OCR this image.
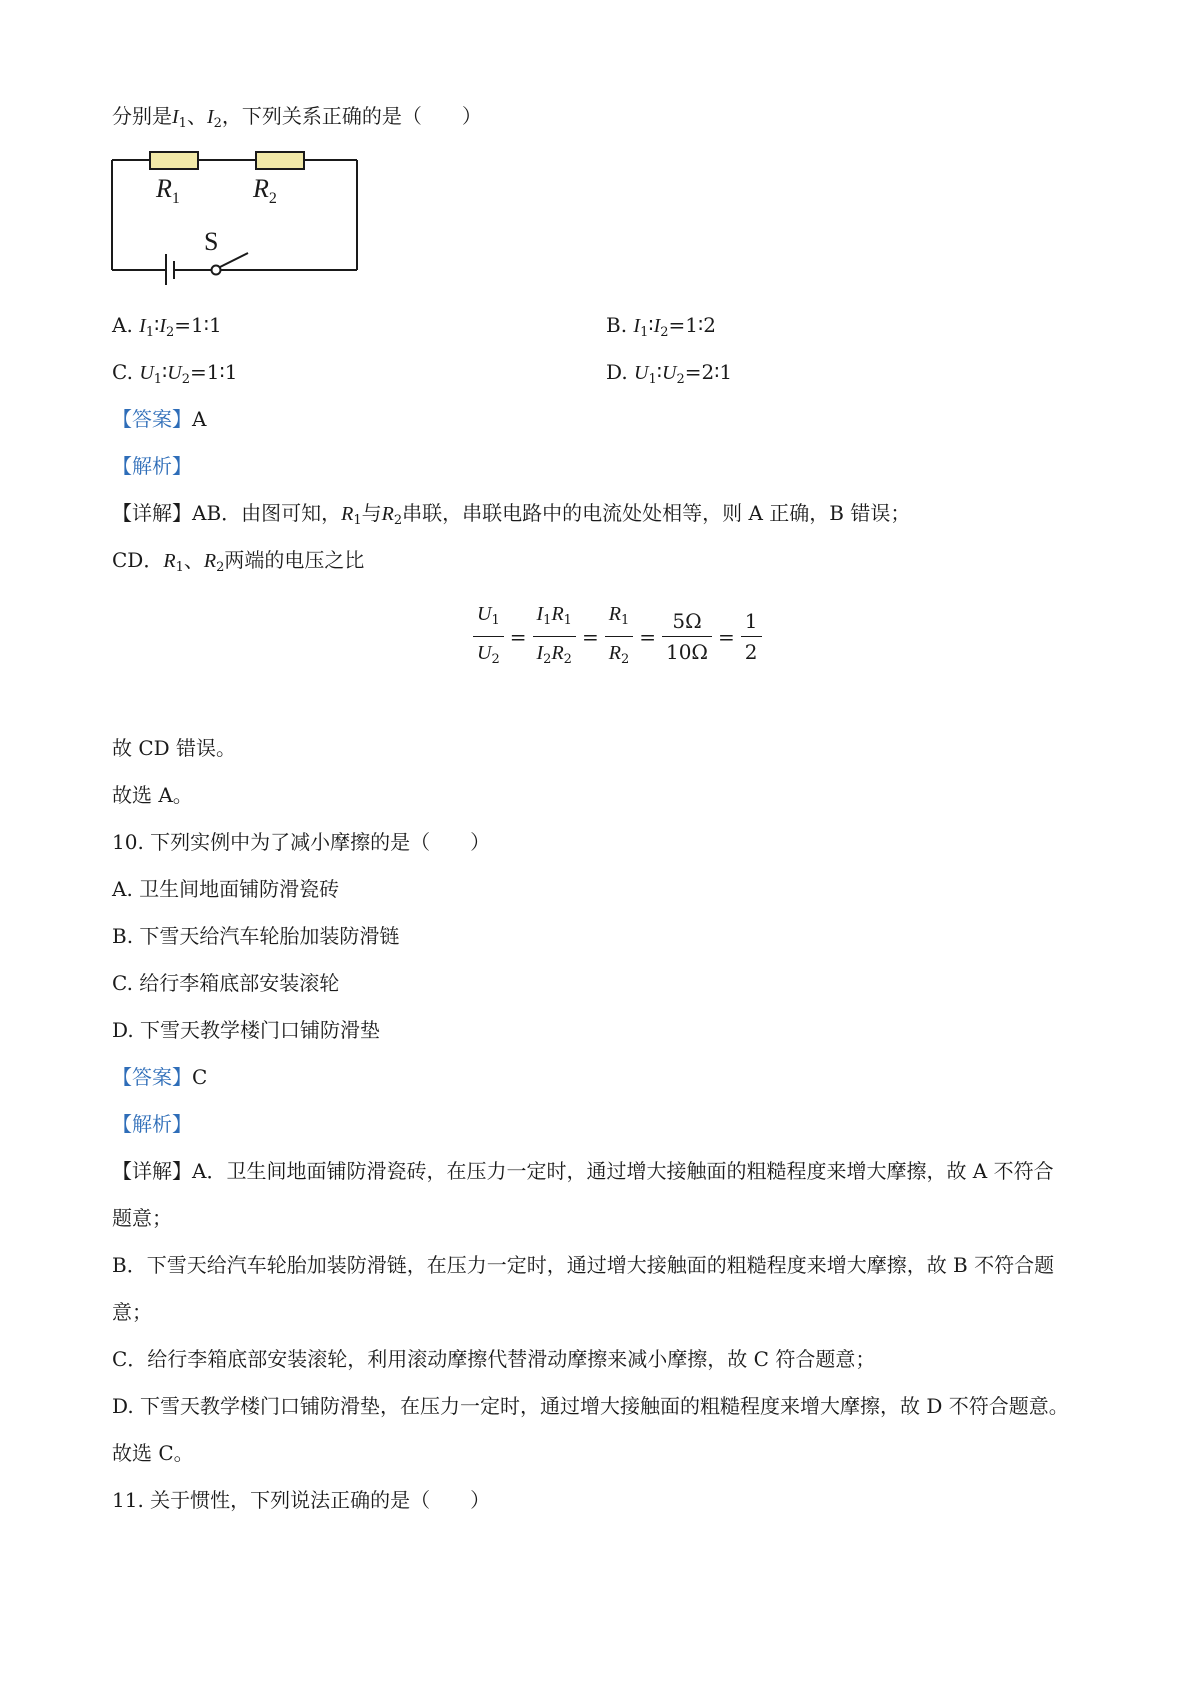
分别是$I_1$、$I_2$，下列关系正确的是（　　）
$R_1$	$R_2$
S
A. $I_1∶I_2=1∶1$	B. $I_1∶I_2=1∶2$
C. $U_1∶U_2=1∶1$	D. $U_1∶U_2=2∶1$
【答案】A
【解析】
【详解】AB．由图可知，$R_1$与$R_2$串联，串联电路中的电流处处相等，则 A 正确，B 错误；
CD．$R_1$、$R_2$两端的电压之比
$\frac{U_1}{U_2} = \frac{I_1R_1}{I_2R_2} = \frac{R_1}{R_2} = \frac{5\Omega}{10\Omega} = \frac{1}{2}$
故 CD 错误。
故选 A。
10. 下列实例中为了减小摩擦的是（　　）
A. 卫生间地面铺防滑瓷砖
B. 下雪天给汽车轮胎加装防滑链
C. 给行李箱底部安装滚轮
D. 下雪天教学楼门口铺防滑垫
【答案】C
【解析】
【详解】A．卫生间地面铺防滑瓷砖，在压力一定时，通过增大接触面的粗糙程度来增大摩擦，故 A 不符合
题意；
B．下雪天给汽车轮胎加装防滑链，在压力一定时，通过增大接触面的粗糙程度来增大摩擦，故 B 不符合题
意；
C．给行李箱底部安装滚轮，利用滚动摩擦代替滑动摩擦来减小摩擦，故 C 符合题意；
D. 下雪天教学楼门口铺防滑垫，在压力一定时，通过增大接触面的粗糙程度来增大摩擦，故 D 不符合题意。
故选 C。
11. 关于惯性，下列说法正确的是（　　）
